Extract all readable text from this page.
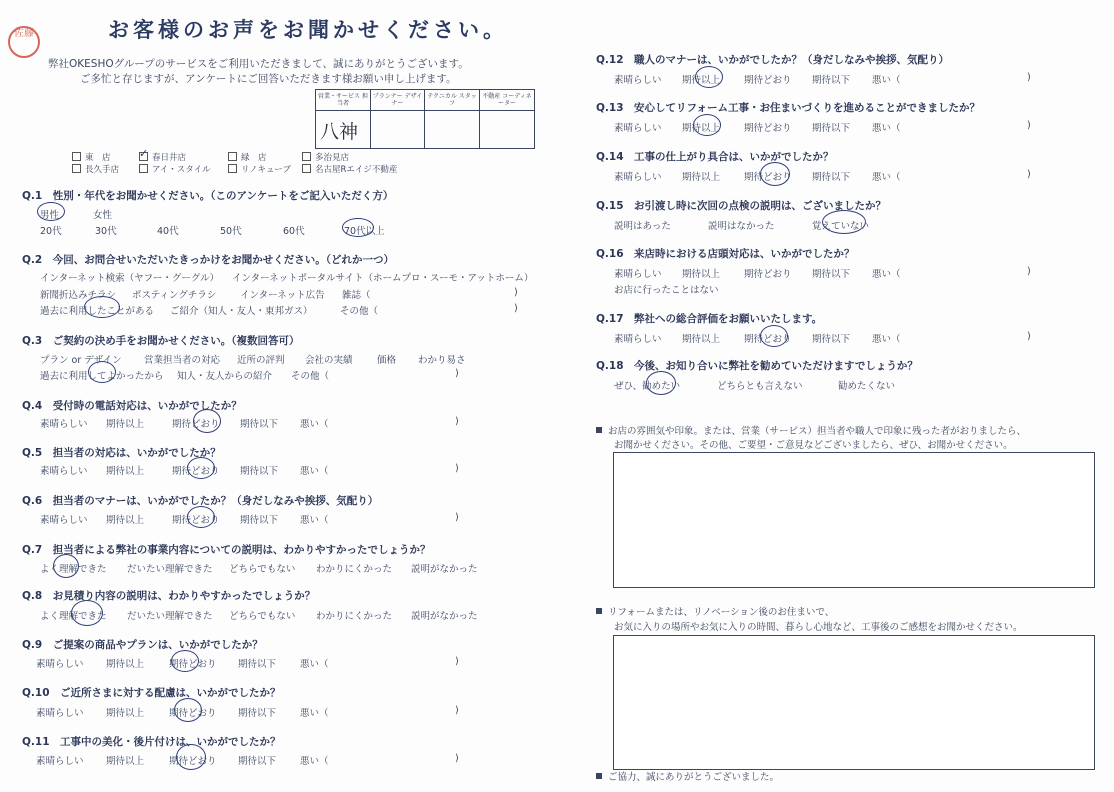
佐藤	お客様のお声をお聞かせください。
弊社OKESHOグループのサービスをご利用いただきまして、誠にありがとうございます。
ご多忙と存じますが、アンケートにご回答いただきます様お願い申し上げます。
営業・サービス 担当者
プランナー デザイナー
テクニカル スタッフ
不動産 コーディネーター
八神
東　店
✓	春日井店	緑　店	多治見店
長久手店	アイ・スタイル	リノキューブ	名古屋Rエイジ不動産
Q.1　性別・年代をお聞かせください。（このアンケートをご記入いただく方）
男性	女性
20代	30代	40代	50代	60代	70代以上
Q.2　今回、お問合せいただいたきっかけをお聞かせください。（どれか一つ）
インターネット検索（ヤフー・グーグル） インターネットポータルサイト（ホームプロ・スーモ・アットホーム）
新聞折込みチラシ ポスティングチラシ インターネット広告 雑誌（	)
過去に利用したことがある ご紹介（知人・友人・東邦ガス）	その他（	)
Q.3　ご契約の決め手をお聞かせください。（複数回答可）
プラン or デザイン 営業担当者の対応 近所の評判 会社の実績	価格 わかり易さ
過去に利用してよかったから 知人・友人からの紹介 その他（	)
Q.4　受付時の電話対応は、いかがでしたか？
素晴らしい 期待以上	期待どおり 期待以下 悪い（	)
Q.5　担当者の対応は、いかがでしたか？
素晴らしい 期待以上	期待どおり 期待以下 悪い（	)
Q.6　担当者のマナーは、いかがでしたか？（身だしなみや挨拶、気配り）
素晴らしい 期待以上	期待どおり 期待以下 悪い（	)
Q.7　担当者による弊社の事業内容についての説明は、わかりやすかったでしょうか？
よく理解できた だいたい理解できた どちらでもない わかりにくかった 説明がなかった
Q.8　お見積り内容の説明は、わかりやすかったでしょうか？
よく理解できた だいたい理解できた どちらでもない わかりにくかった 説明がなかった
Q.9　ご提案の商品やプランは、いかがでしたか？
素晴らしい 期待以上	期待どおり 期待以下	悪い（	)
Q.10　ご近所さまに対する配慮は、いかがでしたか？
素晴らしい 期待以上	期待どおり 期待以下	悪い（	)
Q.11　工事中の美化・後片付けは、いかがでしたか？
素晴らしい 期待以上	期待どおり 期待以下	悪い（	)
Q.12　職人のマナーは、いかがでしたか？（身だしなみや挨拶、気配り）
素晴らしい 期待以上	期待どおり 期待以下 悪い（	)
Q.13　安心してリフォーム工事・お住まいづくりを進めることができましたか？
素晴らしい 期待以上	期待どおり 期待以下 悪い（	)
Q.14　工事の仕上がり具合は、いかがでしたか？
素晴らしい 期待以上	期待どおり 期待以下 悪い（	)
Q.15　お引渡し時に次回の点検の説明は、ございましたか？
説明はあった	説明はなかった	覚えていない
Q.16　来店時における店頭対応は、いかがでしたか？
素晴らしい 期待以上	期待どおり 期待以下 悪い（	)
お店に行ったことはない
Q.17　弊社への総合評価をお願いいたします。
素晴らしい 期待以上	期待どおり 期待以下 悪い（	)
Q.18　今後、お知り合いに弊社を勧めていただけますでしょうか？
ぜひ、勧めたい	どちらとも言えない	勧めたくない
お店の雰囲気や印象。または、営業（サービス）担当者や職人で印象に残った者がおりましたら、
お聞かせください。その他、ご要望・ご意見などございましたら、ぜひ、お聞かせください。
リフォームまたは、リノベーション後のお住まいで、
お気に入りの場所やお気に入りの時間、暮らし心地など、工事後のご感想をお聞かせください。
ご協力、誠にありがとうございました。
